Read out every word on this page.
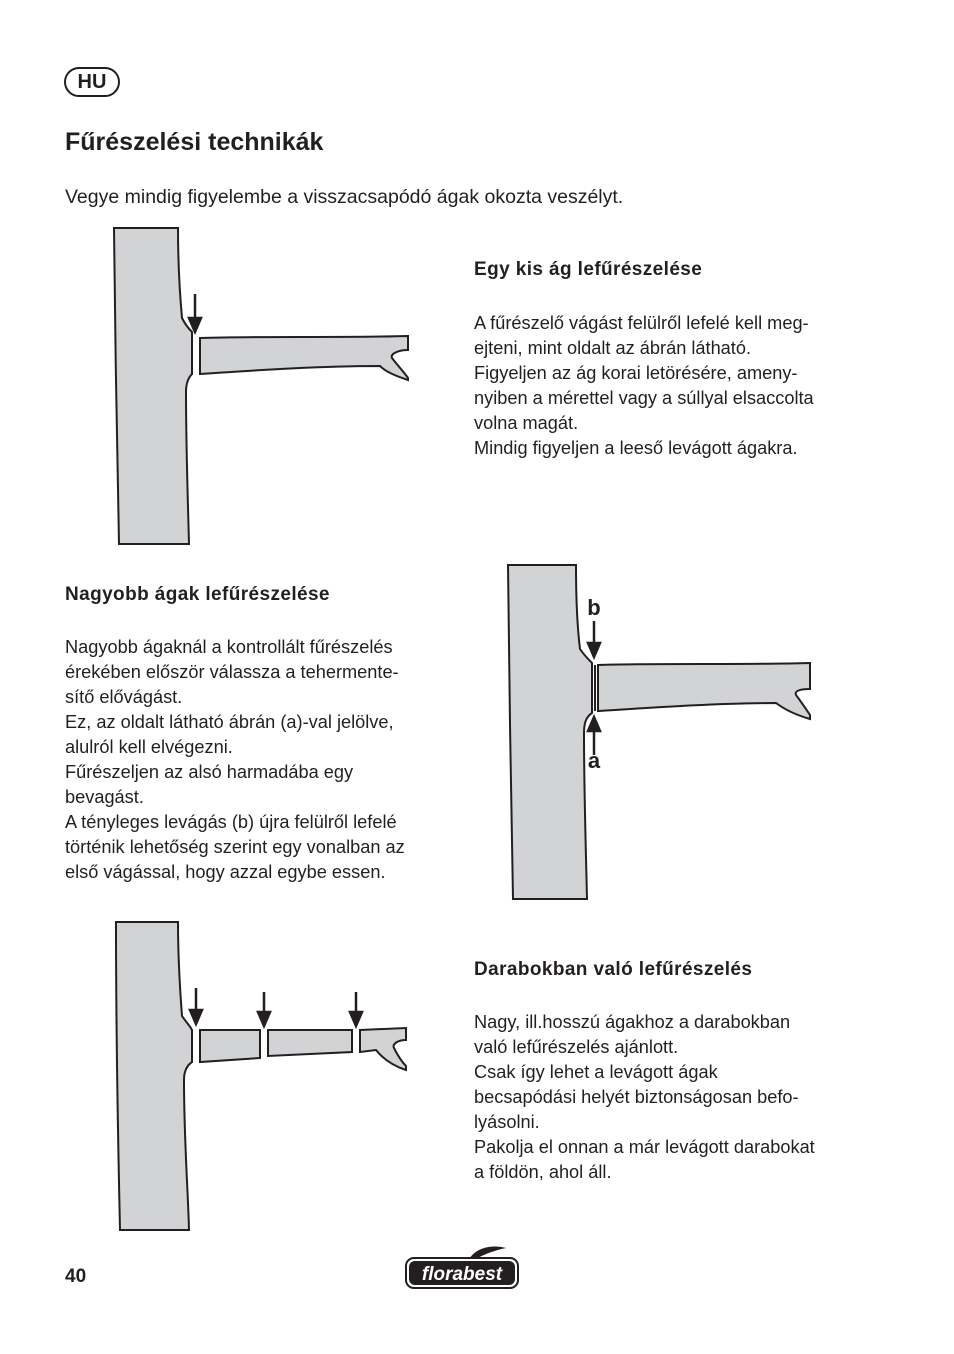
HU
Fűrészelési technikák

Vegye mindig figyelembe a visszacsapódó ágak okozta veszélyt.

Egy kis ág lefűrészelése
A fűrészelő vágást felülről lefelé kell meg-
ejteni, mint oldalt az ábrán látható.
Figyeljen az ág korai letörésére, ameny-
nyiben a mérettel vagy a súllyal elsaccolta
volna magát.
Mindig figyeljen a leeső levágott ágakra.
Nagyobb ágak lefűrészelése
Nagyobb ágaknál a kontrollált fűrészelés
érekében először válassza a tehermente-
sítő elővágást.
Ez, az oldalt látható ábrán (a)-val jelölve,
alulról kell elvégezni.
Fűrészeljen az alsó harmadába egy
bevagást.
A tényleges levágás (b) újra felülről lefelé
történik lehetőség szerint egy vonalban az
első vágással, hogy azzal egybe essen.
b
a
Darabokban való lefűrészelés
Nagy, ill.hosszú ágakhoz a darabokban
való lefűrészelés ajánlott.
Csak így lehet a levágott ágak
becsapódási helyét biztonságosan befo-
lyásolni.
Pakolja el onnan a már levágott darabokat
a földön, ahol áll.
40	florabest
